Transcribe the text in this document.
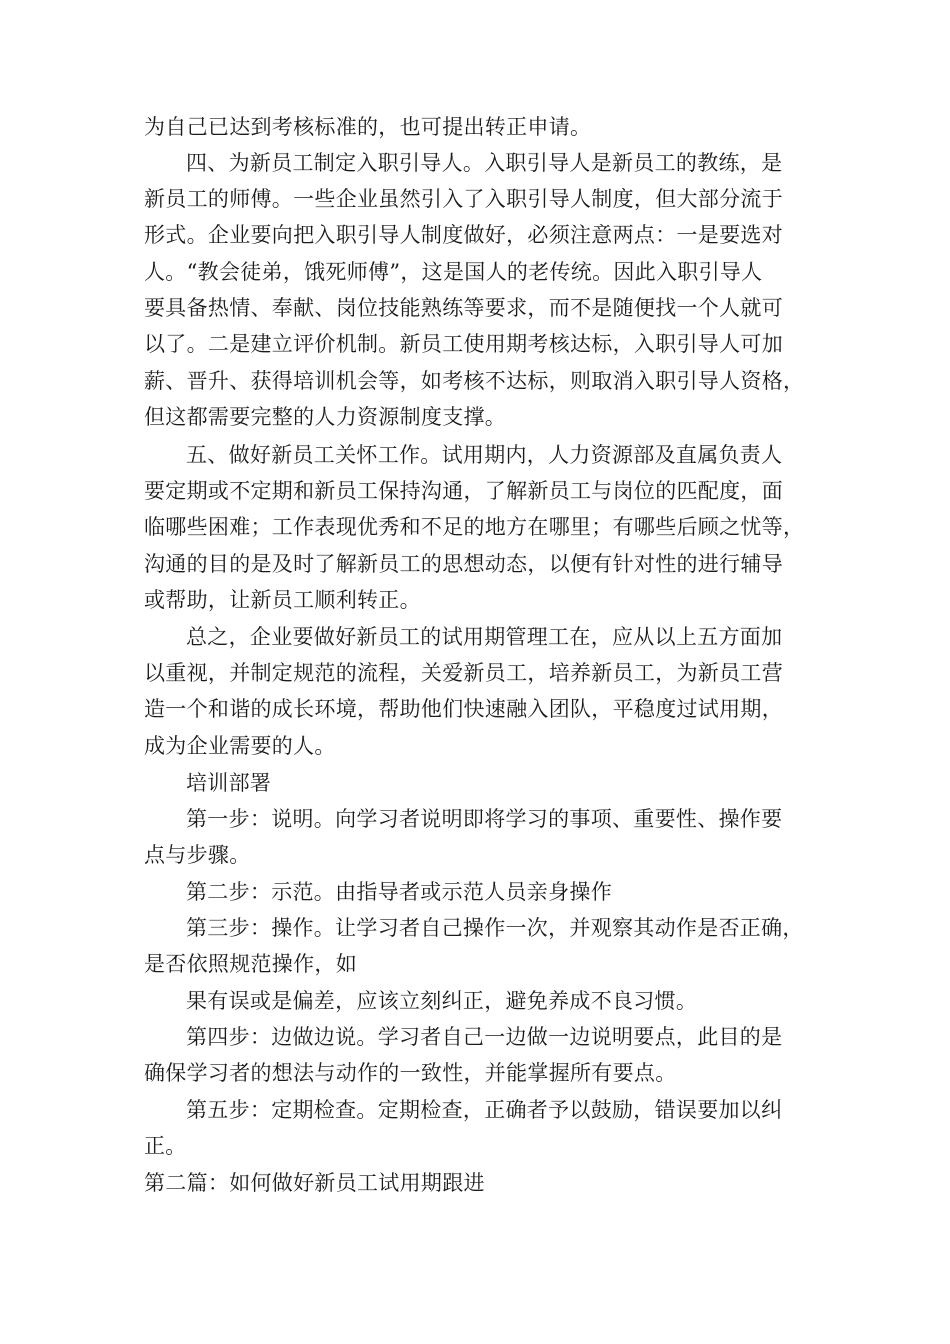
为自己已达到考核标准的，也可提出转正申请。
四、为新员工制定入职引导人。入职引导人是新员工的教练，是
新员工的师傅。一些企业虽然引入了入职引导人制度，但大部分流于
形式。企业要向把入职引导人制度做好，必须注意两点：一是要选对
人。“教会徒弟，饿死师傅”，这是国人的老传统。因此入职引导人
要具备热情、奉献、岗位技能熟练等要求，而不是随便找一个人就可
以了。二是建立评价机制。新员工使用期考核达标，入职引导人可加
薪、晋升、获得培训机会等，如考核不达标，则取消入职引导人资格，
但这都需要完整的人力资源制度支撑。
五、做好新员工关怀工作。试用期内，人力资源部及直属负责人
要定期或不定期和新员工保持沟通，了解新员工与岗位的匹配度，面
临哪些困难；工作表现优秀和不足的地方在哪里；有哪些后顾之忧等，
沟通的目的是及时了解新员工的思想动态，以便有针对性的进行辅导
或帮助，让新员工顺利转正。
总之，企业要做好新员工的试用期管理工在，应从以上五方面加
以重视，并制定规范的流程，关爱新员工，培养新员工，为新员工营
造一个和谐的成长环境，帮助他们快速融入团队，平稳度过试用期，
成为企业需要的人。
培训部署
第一步：说明。向学习者说明即将学习的事项、重要性、操作要
点与步骤。
第二步：示范。由指导者或示范人员亲身操作
第三步：操作。让学习者自己操作一次，并观察其动作是否正确，
是否依照规范操作，如
果有误或是偏差，应该立刻纠正，避免养成不良习惯。
第四步：边做边说。学习者自己一边做一边说明要点，此目的是
确保学习者的想法与动作的一致性，并能掌握所有要点。
第五步：定期检查。定期检查，正确者予以鼓励，错误要加以纠
正。
第二篇：如何做好新员工试用期跟进
